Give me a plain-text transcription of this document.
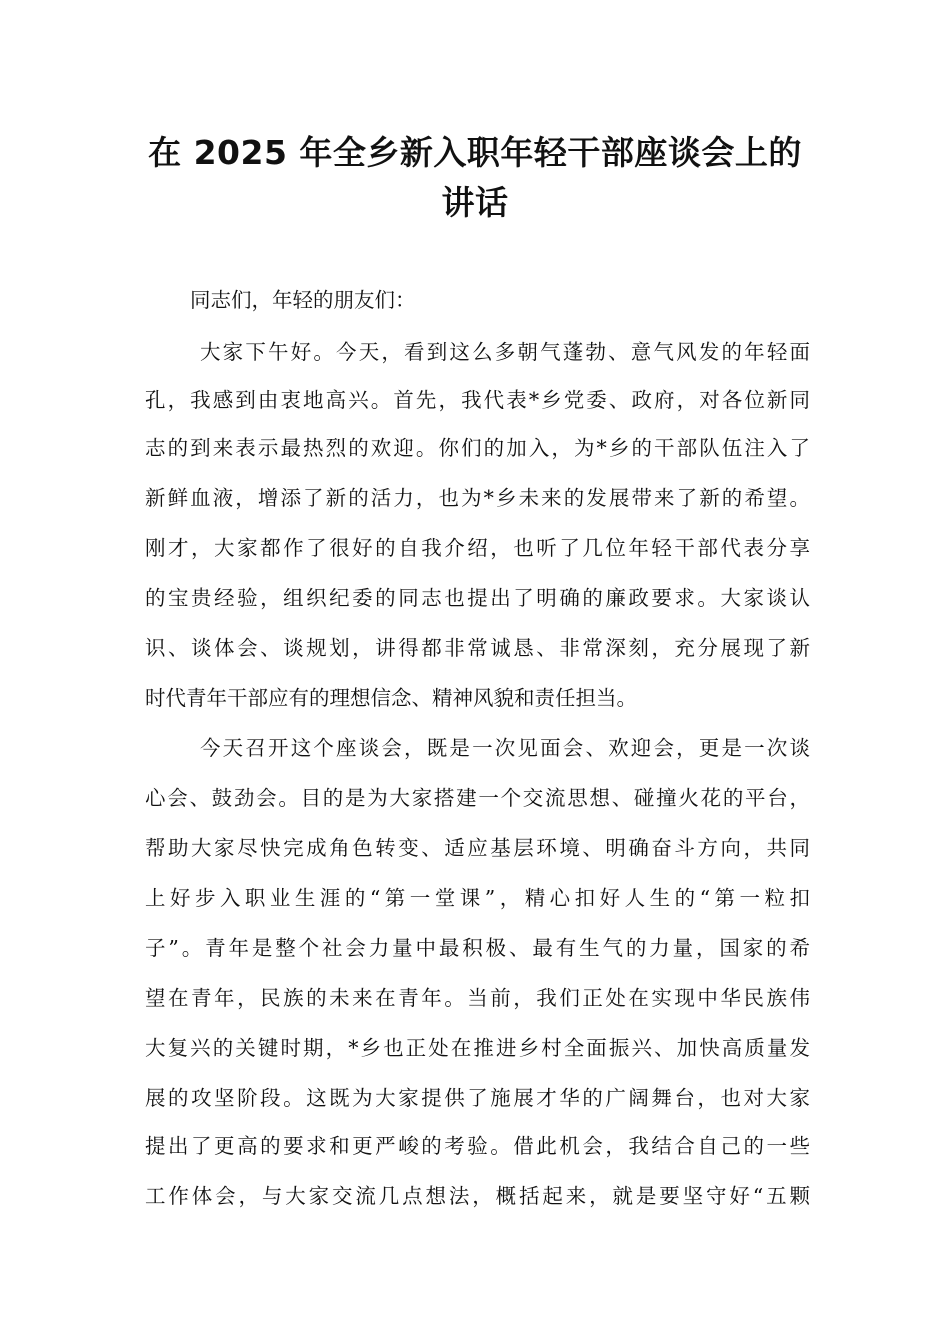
在 2025 年全乡新入职年轻干部座谈会上的
讲话
同志们，年轻的朋友们：
大家下午好。今天，看到这么多朝气蓬勃、意气风发的年轻面
孔，我感到由衷地高兴。首先，我代表*乡党委、政府，对各位新同
志的到来表示最热烈的欢迎。你们的加入，为*乡的干部队伍注入了
新鲜血液，增添了新的活力，也为*乡未来的发展带来了新的希望。
刚才，大家都作了很好的自我介绍，也听了几位年轻干部代表分享
的宝贵经验，组织纪委的同志也提出了明确的廉政要求。大家谈认
识、谈体会、谈规划，讲得都非常诚恳、非常深刻，充分展现了新
时代青年干部应有的理想信念、精神风貌和责任担当。
今天召开这个座谈会，既是一次见面会、欢迎会，更是一次谈
心会、鼓劲会。目的是为大家搭建一个交流思想、碰撞火花的平台，
帮助大家尽快完成角色转变、适应基层环境、明确奋斗方向，共同
上好步入职业生涯的“第一堂课”，精心扣好人生的“第一粒扣
子”。青年是整个社会力量中最积极、最有生气的力量，国家的希
望在青年，民族的未来在青年。当前，我们正处在实现中华民族伟
大复兴的关键时期，*乡也正处在推进乡村全面振兴、加快高质量发
展的攻坚阶段。这既为大家提供了施展才华的广阔舞台，也对大家
提出了更高的要求和更严峻的考验。借此机会，我结合自己的一些
工作体会，与大家交流几点想法，概括起来，就是要坚守好“五颗
